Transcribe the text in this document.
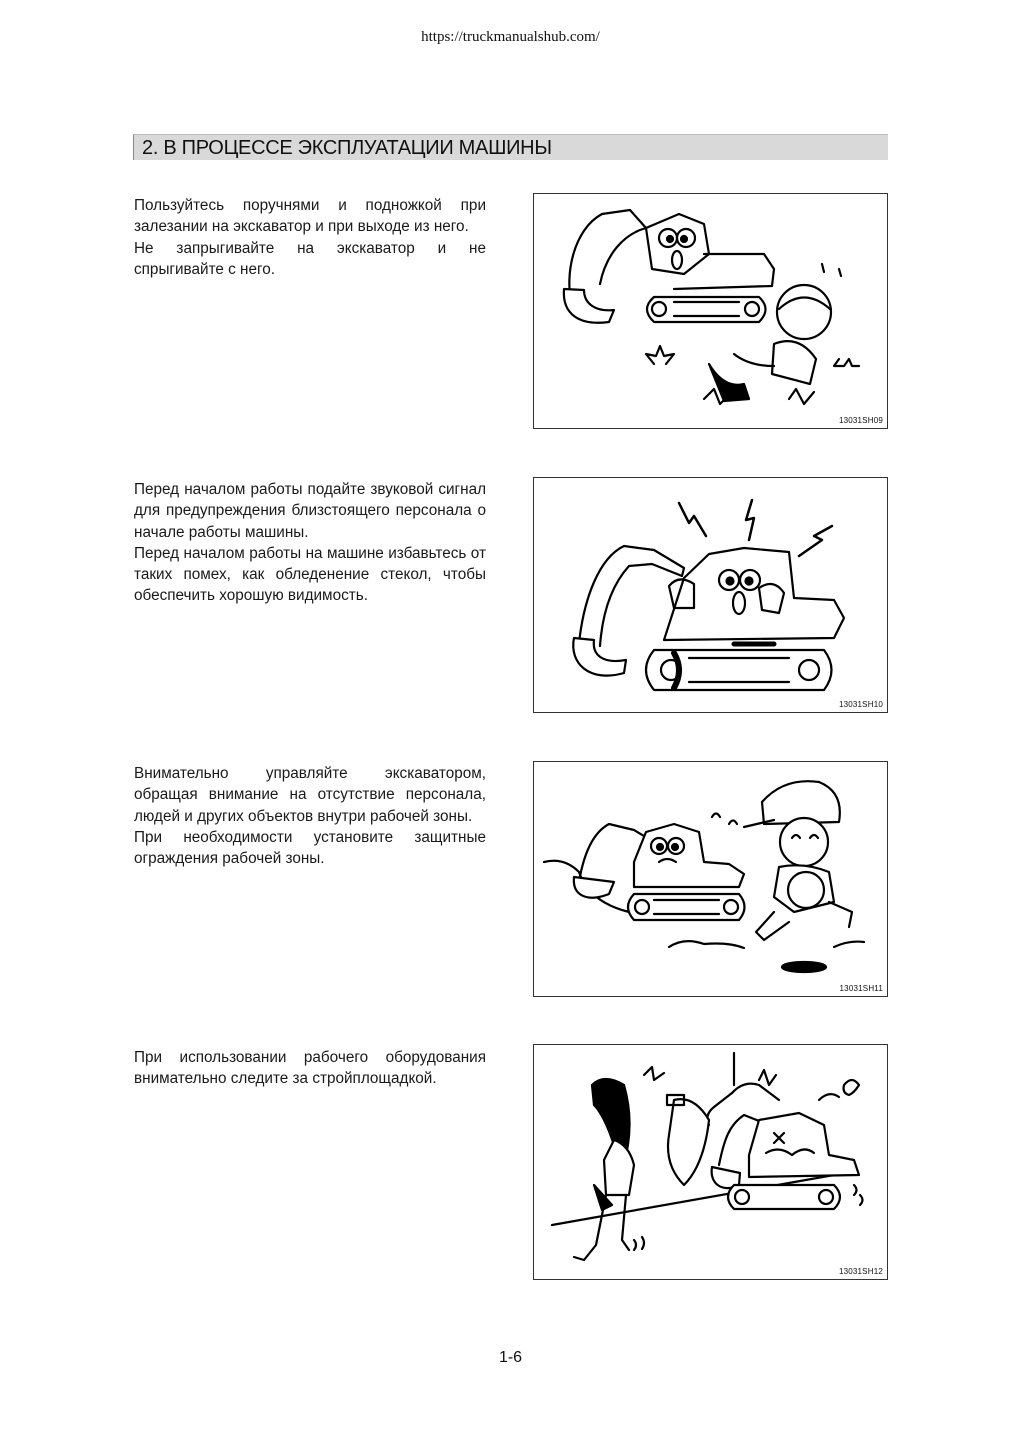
https://truckmanualshub.com/
2. В ПРОЦЕССЕ ЭКСПЛУАТАЦИИ МАШИНЫ

Пользуйтесь поручнями и подножкой при залезании на экскаватор и при выходе из него.

Не запрыгивайте на экскаватор и не спрыгивайте с него.

13031SH09

Перед началом работы подайте звуковой сигнал для предупреждения близстоящего персонала о начале работы машины.

Перед началом работы на машине избавьтесь от таких помех, как обледенение стекол, чтобы обеспечить хорошую видимость.

13031SH10

Внимательно управляйте экскаватором, обращая внимание на отсутствие персонала, людей и других объектов внутри рабочей зоны.

При необходимости установите защитные ограждения рабочей зоны.

13031SH11

При использовании рабочего оборудования внимательно следите за стройплощадкой.

13031SH12
1-6
